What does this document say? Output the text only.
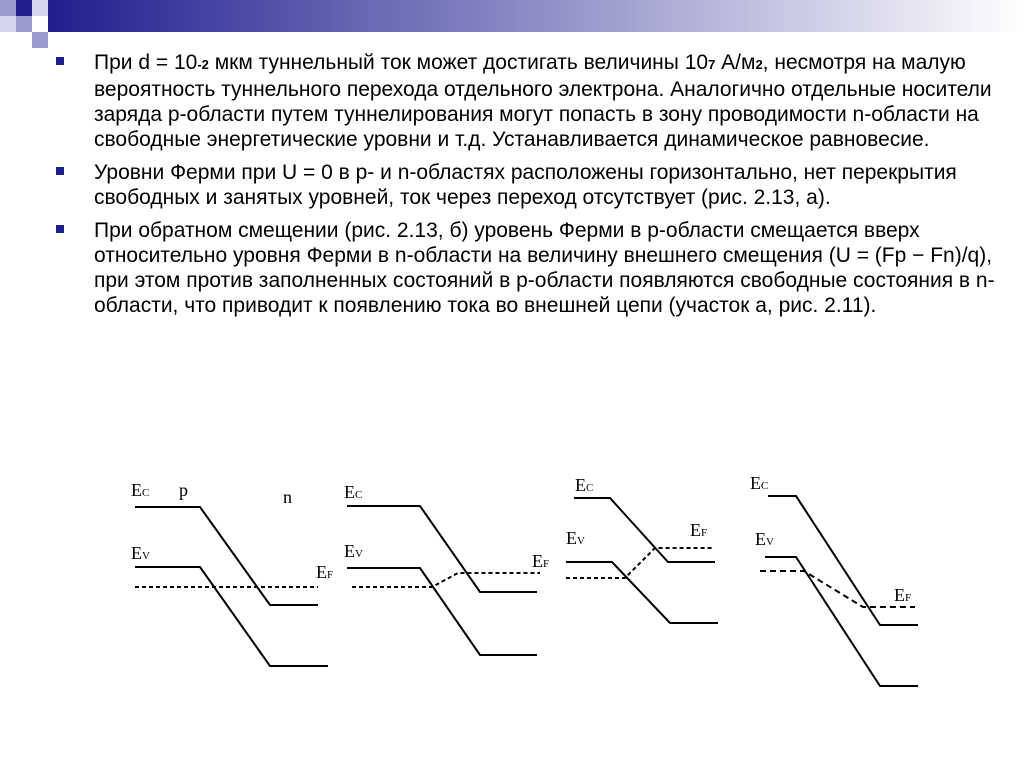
При d = 10-2 мкм туннельный ток может достигать величины 107 А/м2, несмотря на малую вероятность туннельного перехода отдельного электрона. Аналогично отдельные носители заряда p-области путем туннелирования могут попасть в зону проводимости n-области на свободные энергетические уровни и т.д. Устанавливается динамическое равновесие.
Уровни Ферми при U = 0 в p- и n-областях расположены горизонтально, нет перекрытия свободных и занятых уровней, ток через переход отсутствует (рис. 2.13, а).
При обратном смещении (рис. 2.13, б) уровень Ферми в p-области смещается вверх относительно уровня Ферми в n-области на величину внешнего смещения (U = (Fp − Fn)/q), при этом против заполненных состояний в p-области появляются свободные состояния в n-области, что приводит к появлению тока во внешней цепи (участок а, рис. 2.11).
EC p	n
EV
EF
EC
EV	EF
EC
EV
EF
EC
EV
EF
